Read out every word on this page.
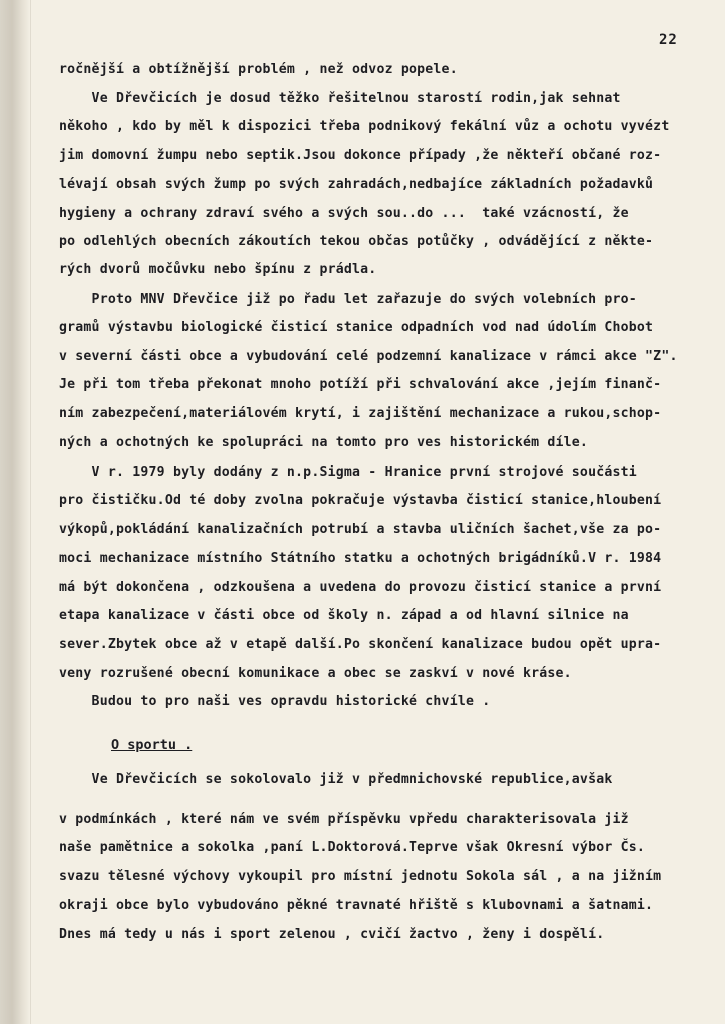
22
ročnější a obtížnější problém , než odvoz popele.
Ve Dřevčicích je dosud těžko řešitelnou starostí rodin,jak sehnat
někoho , kdo by měl k dispozici třeba podnikový fekální vůz a ochotu vyvézt
jim domovní žumpu nebo septik.Jsou dokonce případy ,že někteří občané roz-
lévají obsah svých žump po svých zahradách,nedbajíce základních požadavků
hygieny a ochrany zdraví svého a svých sou..do ...  také vzácností, že
po odlehlých obecních zákoutích tekou občas potůčky , odvádějící z někte-
rých dvorů močůvku nebo špínu z prádla.
Proto MNV Dřevčice již po řadu let zařazuje do svých volebních pro-
gramů výstavbu biologické čisticí stanice odpadních vod nad údolím Chobot
v severní části obce a vybudování celé podzemní kanalizace v rámci akce "Z".
Je při tom třeba překonat mnoho potíží při schvalování akce ,jejím finanč-
ním zabezpečení,materiálovém krytí, i zajištění mechanizace a rukou,schop-
ných a ochotných ke spolupráci na tomto pro ves historickém díle.
V r. 1979 byly dodány z n.p.Sigma - Hranice první strojové součásti
pro čističku.Od té doby zvolna pokračuje výstavba čisticí stanice,hloubení
výkopů,pokládání kanalizačních potrubí a stavba uličních šachet,vše za po-
moci mechanizace místního Státního statku a ochotných brigádníků.V r. 1984
má být dokončena , odzkoušena a uvedena do provozu čisticí stanice a první
etapa kanalizace v části obce od školy n. západ a od hlavní silnice na
sever.Zbytek obce až v etapě další.Po skončení kanalizace budou opět upra-
veny rozrušené obecní komunikace a obec se zaskví v nové kráse.
Budou to pro naši ves opravdu historické chvíle .
O sportu .
Ve Dřevčicích se sokolovalo již v předmnichovské republice,avšak
v podmínkách , které nám ve svém příspěvku vpředu charakterisovala již
naše pamětnice a sokolka ,paní L.Doktorová.Teprve však Okresní výbor Čs.
svazu tělesné výchovy vykoupil pro místní jednotu Sokola sál , a na jižním
okraji obce bylo vybudováno pěkné travnaté hřiště s klubovnami a šatnami.
Dnes má tedy u nás i sport zelenou , cvičí žactvo , ženy i dospělí.
